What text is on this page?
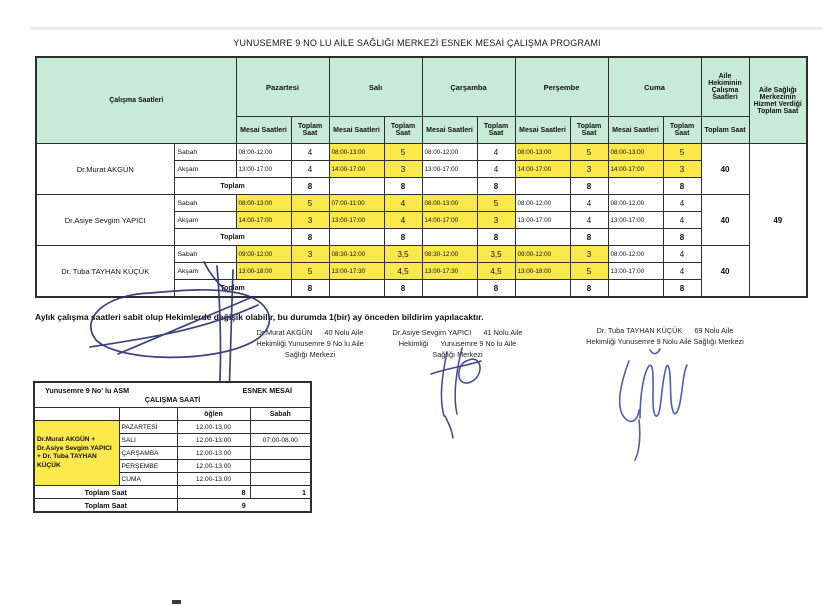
YUNUSEMRE 9 NO LU AİLE SAĞLIĞI MERKEZİ ESNEK MESAİ ÇALIŞMA PROGRAMI
Çalışma Saatleri		Pazartesi		Salı		Çarşamba		Perşembe		Cuma		Aile Hekiminin Çalışma Saatleri	Aile Sağlığı Merkezinin Hizmet Verdiği Toplam Saat
		Mesai Saatleri	Toplam Saat	Mesai Saatleri	Toplam Saat	Mesai Saatleri	Toplam Saat	Mesai Saatleri	Toplam Saat	Mesai Saatleri	Toplam Saat	Toplam Saat	
Dr.Murat AKGÜN	Sabah	08:00-12:00	4	08:00-13:00	5	08:00-12:00	4	08:00-13:00	5	08:00-13:00	5	40	49
	Akşam	13:00-17:00	4	14:00-17:00	3	13:00-17:00	4	14:00-17:00	3	14:00-17:00	3		
	Toplam		8		8		8		8		8		
Dr.Asiye Sevgim YAPICI	Sabah	08:00-13:00	5	07:00-11:00	4	08:00-13:00	5	08:00-12:00	4	08:00-12:00	4	40	
	Akşam	14:00-17:00	3	13:00-17:00	4	14:00-17:00	3	13:00-17:00	4	13:00-17:00	4		
	Toplam		8		8		8		8		8		
Dr. Tuba TAYHAN KÜÇÜK	Sabah	09:00-12:00	3	08:30-12:00	3,5	08:30-12:00	3,5	09:00-12:00	3	08:00-12:00	4	40	
	Akşam	13:00-18:00	5	13:00-17:30	4,5	13:00-17:30	4,5	13:00-18:00	5	13:00-17:00	4		
	Toplam		8		8		8		8		8		
Aylık çalışma saatleri sabit olup Hekimlerde değişik olabilir, bu durumda 1(bir) ay önceden bildirim yapılacaktır.
Dr.Murat AKGÜN      40 Nolu Aile
Hekimliği Yunusemre 9 No lu Aile
Sağlığı Merkezi
Dr.Asiye Sevgim YAPICI      41 Nolu Aile
Hekimliği      Yunusemre 9 No lu Aile
Sağlığı Merkezi
Dr. Tuba TAYHAN KÜÇÜK      69 Nolu Aile
Hekimliği Yunusemre 9 Nolu Aile Sağlığı Merkezi
Yunusemre 9 No' lu ASM ESNEK MESAİ
ÇALIŞMA SAATİ			

		öğlen	Sabah
Dr.Murat AKGÜN + Dr.Asiye Sevgim YAPICI + Dr. Tuba TAYHAN KÜÇÜK	PAZARTESİ	12.00-13.00	
	SALI	12.00-13.00	07.00-08.00
	ÇARŞAMBA	12.00-13.00	
	PERŞEMBE	12.00-13.00	
	CUMA	12.00-13.00	
Toplam Saat		8	1
Toplam Saat		9	
